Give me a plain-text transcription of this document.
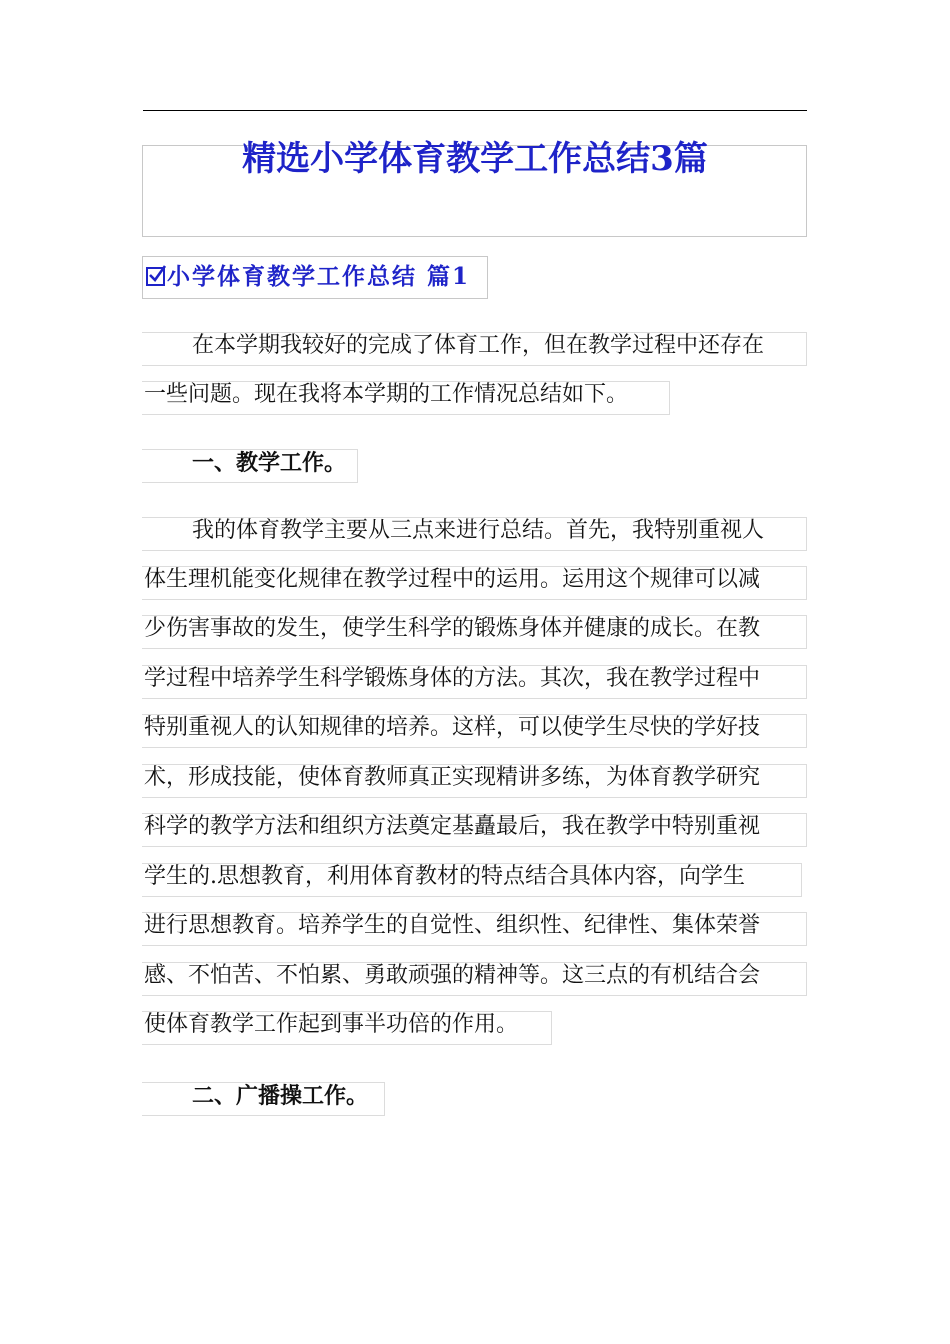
精选小学体育教学工作总结3篇
小学体育教学工作总结 篇1
在本学期我较好的完成了体育工作，但在教学过程中还存在
一些问题。现在我将本学期的工作情况总结如下。
一、教学工作。
我的体育教学主要从三点来进行总结。首先，我特别重视人
体生理机能变化规律在教学过程中的运用。运用这个规律可以减
少伤害事故的发生，使学生科学的锻炼身体并健康的成长。在教
学过程中培养学生科学锻炼身体的方法。其次，我在教学过程中
特别重视人的认知规律的培养。这样，可以使学生尽快的学好技
术，形成技能，使体育教师真正实现精讲多练，为体育教学研究
科学的教学方法和组织方法奠定基矗最后，我在教学中特别重视
学生的.思想教育，利用体育教材的特点结合具体内容，向学生
进行思想教育。培养学生的自觉性、组织性、纪律性、集体荣誉
感、不怕苦、不怕累、勇敢顽强的精神等。这三点的有机结合会
使体育教学工作起到事半功倍的作用。
二、广播操工作。
